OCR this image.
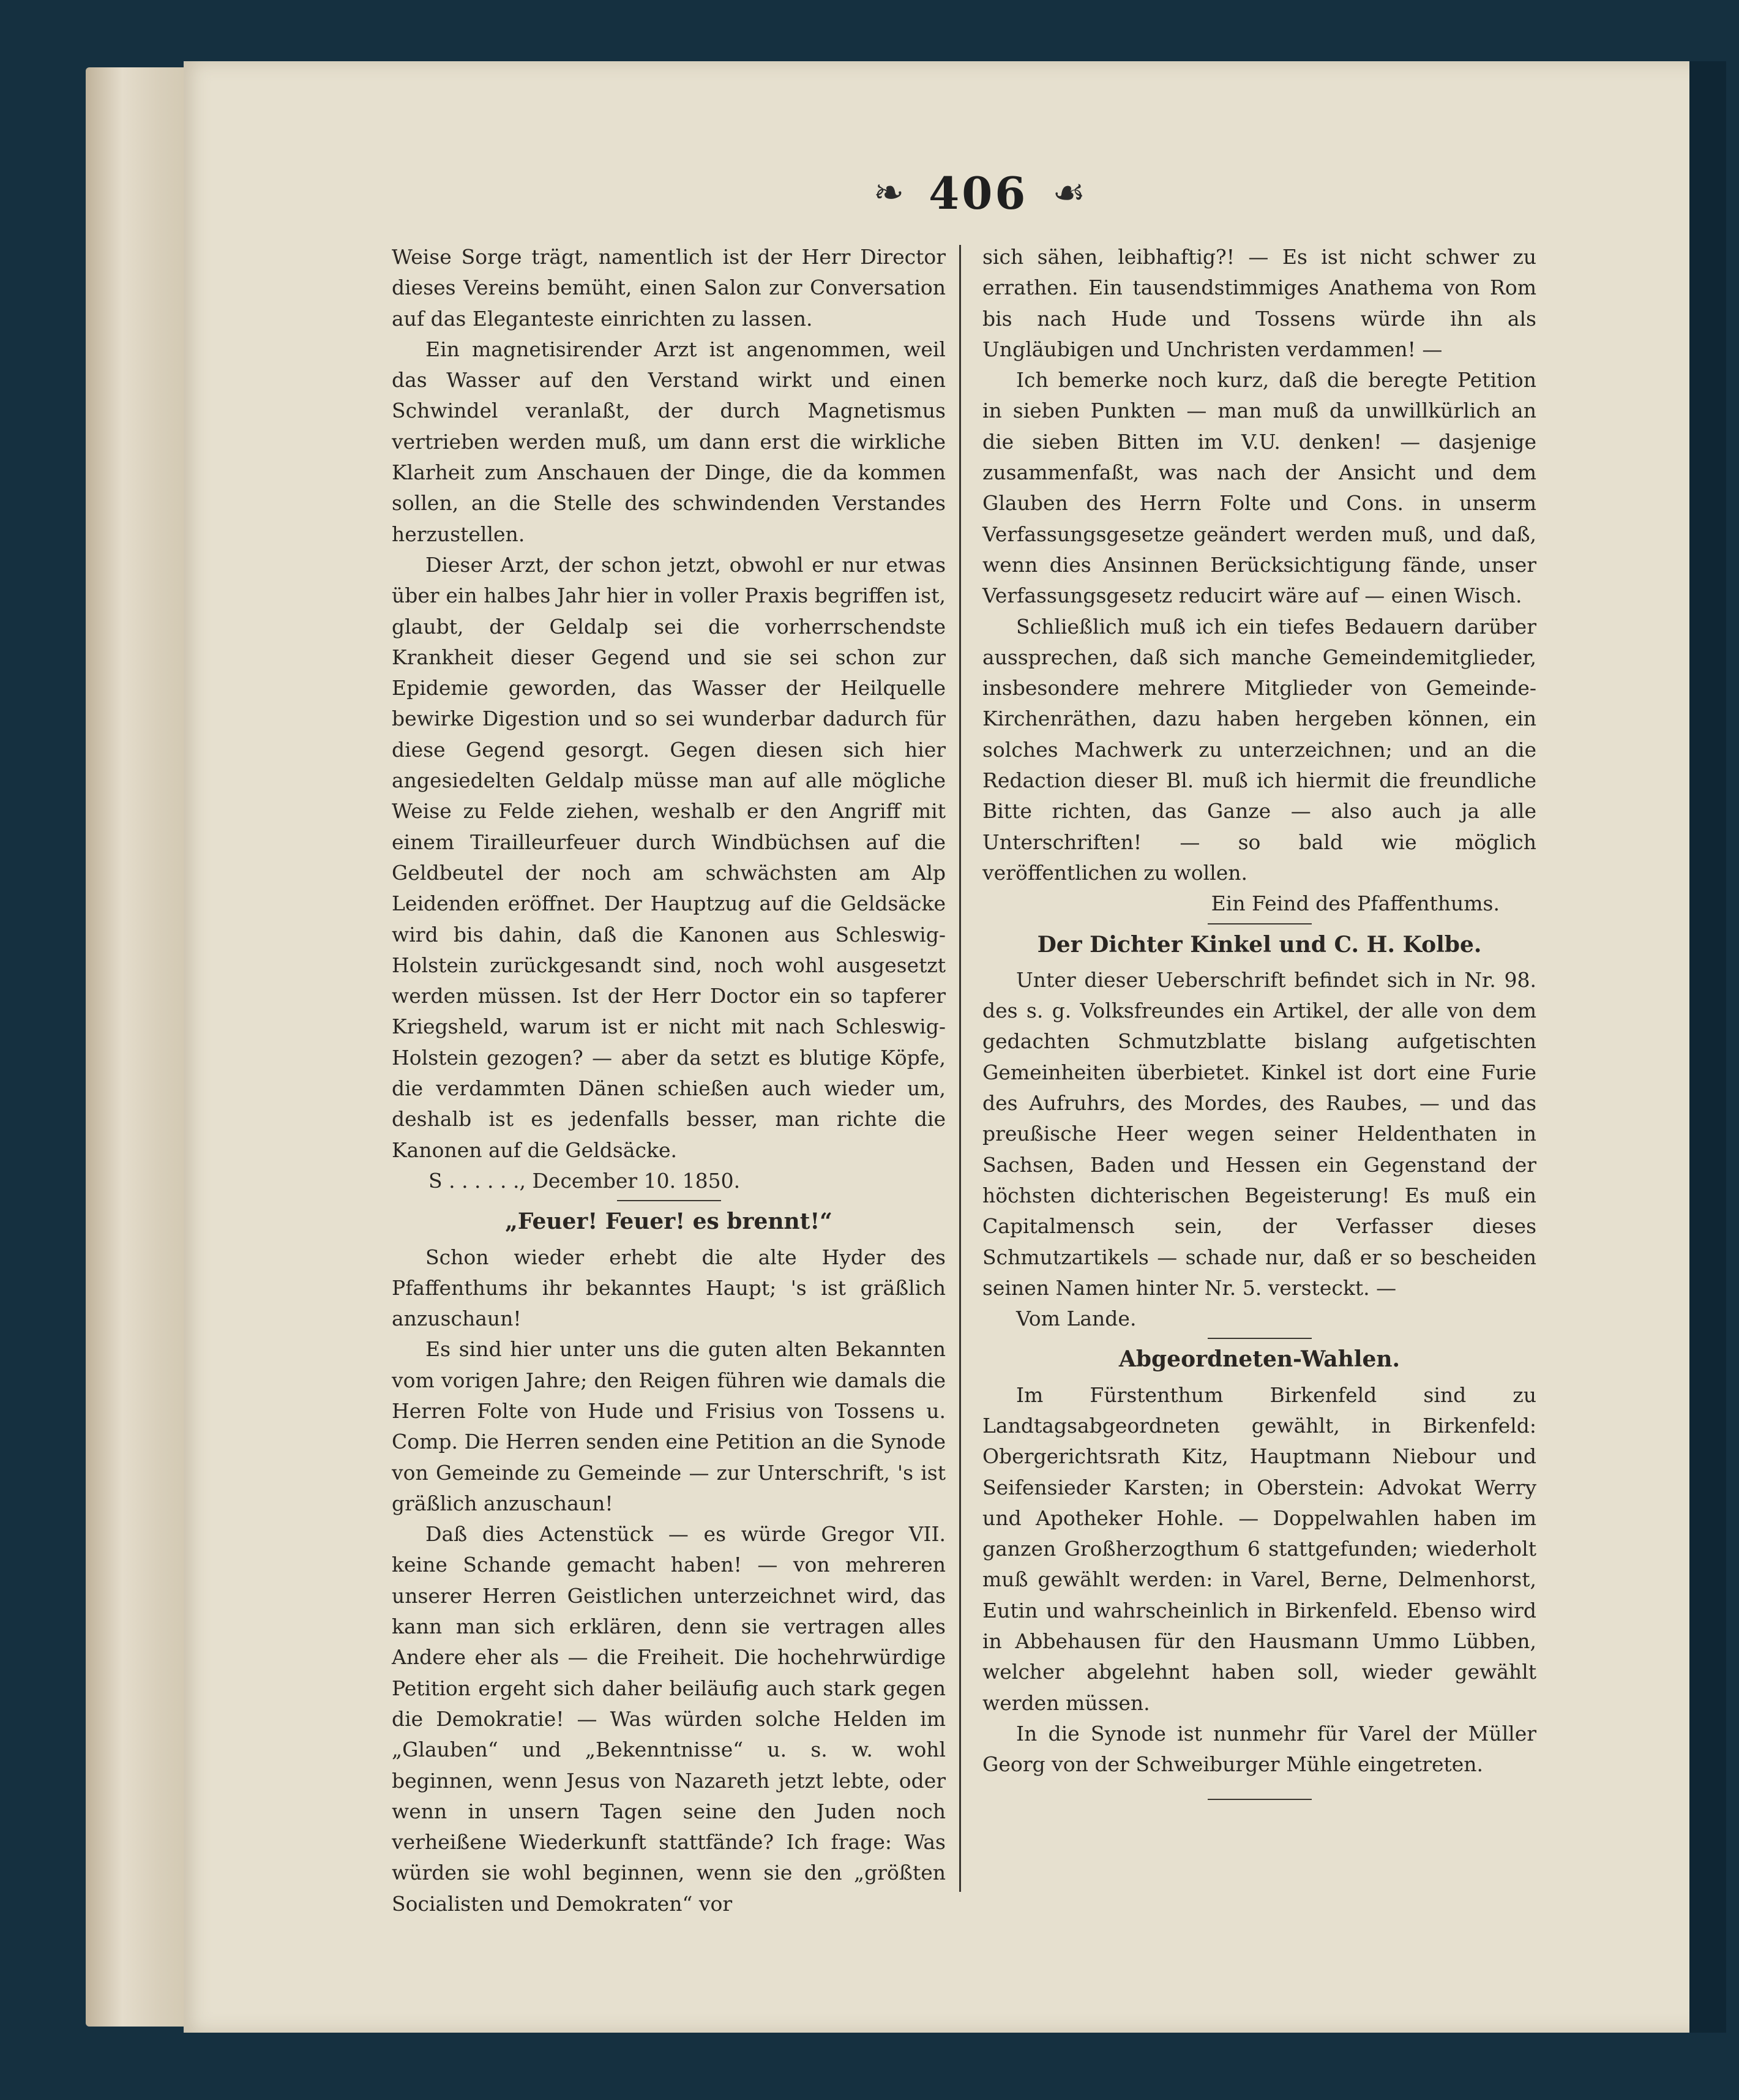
❧ 406 ☙

Weise Sorge trägt, namentlich ist der Herr Director dieses Vereins bemüht, einen Salon zur Conversation auf das Eleganteste einrichten zu lassen.

Ein magnetisirender Arzt ist angenommen, weil das Wasser auf den Verstand wirkt und einen Schwindel veranlaßt, der durch Magnetismus vertrieben werden muß, um dann erst die wirkliche Klarheit zum Anschauen der Dinge, die da kommen sollen, an die Stelle des schwindenden Verstandes herzustellen.

Dieser Arzt, der schon jetzt, obwohl er nur etwas über ein halbes Jahr hier in voller Praxis begriffen ist, glaubt, der Geldalp sei die vorherrschendste Krankheit dieser Gegend und sie sei schon zur Epidemie geworden, das Wasser der Heilquelle bewirke Digestion und so sei wunderbar dadurch für diese Gegend gesorgt. Gegen diesen sich hier angesiedelten Geldalp müsse man auf alle mögliche Weise zu Felde ziehen, weshalb er den Angriff mit einem Tirailleurfeuer durch Windbüchsen auf die Geldbeutel der noch am schwächsten am Alp Leidenden eröffnet. Der Hauptzug auf die Geldsäcke wird bis dahin, daß die Kanonen aus Schleswig-Holstein zurückgesandt sind, noch wohl ausgesetzt werden müssen. Ist der Herr Doctor ein so tapferer Kriegsheld, warum ist er nicht mit nach Schleswig-Holstein gezogen? — aber da setzt es blutige Köpfe, die verdammten Dänen schießen auch wieder um, deshalb ist es jedenfalls besser, man richte die Kanonen auf die Geldsäcke.

S . . . . . ., December 10. 1850.

„Feuer! Feuer! es brennt!“

Schon wieder erhebt die alte Hyder des Pfaffenthums ihr bekanntes Haupt; 's ist gräßlich anzuschaun!

Es sind hier unter uns die guten alten Bekannten vom vorigen Jahre; den Reigen führen wie damals die Herren Folte von Hude und Frisius von Tossens u. Comp. Die Herren senden eine Petition an die Synode von Gemeinde zu Gemeinde — zur Unterschrift, 's ist gräßlich anzuschaun!

Daß dies Actenstück — es würde Gregor VII. keine Schande gemacht haben! — von mehreren unserer Herren Geistlichen unterzeichnet wird, das kann man sich erklären, denn sie vertragen alles Andere eher als — die Freiheit. Die hochehrwürdige Petition ergeht sich daher beiläufig auch stark gegen die Demokratie! — Was würden solche Helden im „Glauben“ und „Bekenntnisse“ u. s. w. wohl beginnen, wenn Jesus von Nazareth jetzt lebte, oder wenn in unsern Tagen seine den Juden noch verheißene Wiederkunft stattfände? Ich frage: Was würden sie wohl beginnen, wenn sie den „größten Socialisten und Demokraten“ vor

sich sähen, leibhaftig?! — Es ist nicht schwer zu errathen. Ein tausendstimmiges Anathema von Rom bis nach Hude und Tossens würde ihn als Ungläubigen und Unchristen verdammen! —

Ich bemerke noch kurz, daß die beregte Petition in sieben Punkten — man muß da unwillkürlich an die sieben Bitten im V.U. denken! — dasjenige zusammenfaßt, was nach der Ansicht und dem Glauben des Herrn Folte und Cons. in unserm Verfassungsgesetze geändert werden muß, und daß, wenn dies Ansinnen Berücksichtigung fände, unser Verfassungsgesetz reducirt wäre auf — einen Wisch.

Schließlich muß ich ein tiefes Bedauern darüber aussprechen, daß sich manche Gemeindemitglieder, insbesondere mehrere Mitglieder von Gemeinde-Kirchenräthen, dazu haben hergeben können, ein solches Machwerk zu unterzeichnen; und an die Redaction dieser Bl. muß ich hiermit die freundliche Bitte richten, das Ganze — also auch ja alle Unterschriften! — so bald wie möglich veröffentlichen zu wollen.

Ein Feind des Pfaffenthums.

Der Dichter Kinkel und C. H. Kolbe.

Unter dieser Ueberschrift befindet sich in Nr. 98. des s. g. Volksfreundes ein Artikel, der alle von dem gedachten Schmutzblatte bislang aufgetischten Gemeinheiten überbietet. Kinkel ist dort eine Furie des Aufruhrs, des Mordes, des Raubes, — und das preußische Heer wegen seiner Heldenthaten in Sachsen, Baden und Hessen ein Gegenstand der höchsten dichterischen Begeisterung! Es muß ein Capitalmensch sein, der Verfasser dieses Schmutzartikels — schade nur, daß er so bescheiden seinen Namen hinter Nr. 5. versteckt. —

Vom Lande.

Abgeordneten-Wahlen.

Im Fürstenthum Birkenfeld sind zu Landtagsabgeordneten gewählt, in Birkenfeld: Obergerichtsrath Kitz, Hauptmann Niebour und Seifensieder Karsten; in Oberstein: Advokat Werry und Apotheker Hohle. — Doppelwahlen haben im ganzen Großherzogthum 6 stattgefunden; wiederholt muß gewählt werden: in Varel, Berne, Delmenhorst, Eutin und wahrscheinlich in Birkenfeld. Ebenso wird in Abbehausen für den Hausmann Ummo Lübben, welcher abgelehnt haben soll, wieder gewählt werden müssen.

In die Synode ist nunmehr für Varel der Müller Georg von der Schweiburger Mühle eingetreten.
